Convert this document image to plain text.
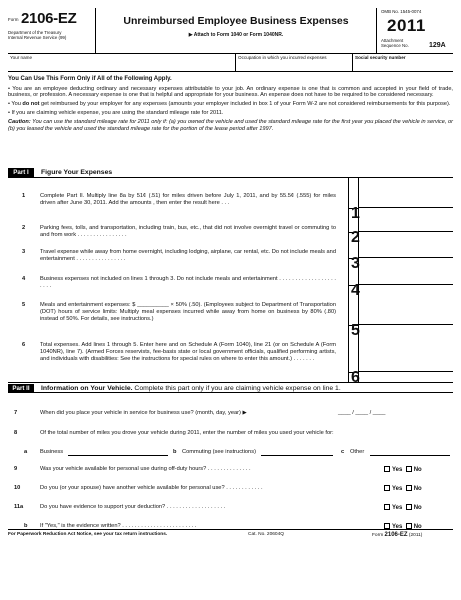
Form 2106-EZ
Department of the Treasury
Internal Revenue Service (99)
Unreimbursed Employee Business Expenses
▶ Attach to Form 1040 or Form 1040NR.
OMB No. 1545-0074
2011
Attachment
Sequence No.	129A
Your name	Occupation in which you incurred expenses	Social security number
You Can Use This Form Only if All of the Following Apply.

• You are an employee deducting ordinary and necessary expenses attributable to your job. An ordinary expense is one that is common and accepted in your field of trade, business, or profession. A necessary expense is one that is helpful and appropriate for your business. An expense does not have to be required to be considered necessary.

• You do not get reimbursed by your employer for any expenses (amounts your employer included in box 1 of your Form W-2 are not considered reimbursements for this purpose).

• If you are claiming vehicle expense, you are using the standard mileage rate for 2011.

Caution: You can use the standard mileage rate for 2011 only if: (a) you owned the vehicle and used the standard mileage rate for the first year you placed the vehicle in service, or (b) you leased the vehicle and used the standard mileage rate for the portion of the lease period after 1997.

Part I	Figure Your Expenses
1	Complete Part II. Multiply line 8a by 51¢ (.51) for miles driven before July 1, 2011, and by 55.5¢ (.555) for miles driven after June 30, 2011. Add the amounts , then enter the result here . . .
2	Parking fees, tolls, and transportation, including train, bus, etc., that did not involve overnight travel or commuting to and from work . . . . . . . . . . . . . . . .
3	Travel expense while away from home overnight, including lodging, airplane, car rental, etc. Do not include meals and entertainment . . . . . . . . . . . . . . . .
4	Business expenses not included on lines 1 through 3. Do not include meals and entertainment . . . . . . . . . . . . . . . . . . . . . .
5	Meals and entertainment expenses: $ __________ × 50% (.50). (Employees subject to Department of Transportation (DOT) hours of service limits: Multiply meal expenses incurred while away from home on business by 80% (.80) instead of 50%. For details, see instructions.)
6	Total expenses. Add lines 1 through 5. Enter here and on Schedule A (Form 1040), line 21 (or on Schedule A (Form 1040NR), line 7). (Armed Forces reservists, fee-basis state or local government officials, qualified performing artists, and individuals with disabilities: See the instructions for special rules on where to enter this amount.) . . . . . . .
1
2
3
4
5
6
Part II	Information on Your Vehicle. Complete this part only if you are claiming vehicle expense on line 1.
7	When did you place your vehicle in service for business use? (month, day, year) ▶	____ / ____ / ____
8	Of the total number of miles you drove your vehicle during 2011, enter the number of miles you used your vehicle for:
a Business	b Commuting (see instructions)	c Other
9	Was your vehicle available for personal use during off-duty hours? . . . . . . . . . . . . . .	Yes No
10	Do you (or your spouse) have another vehicle available for personal use? . . . . . . . . . . . .	Yes No
11a	Do you have evidence to support your deduction? . . . . . . . . . . . . . . . . . . .	Yes No
b If "Yes," is the evidence written? . . . . . . . . . . . . . . . . . . . . . . . .	Yes No
For Paperwork Reduction Act Notice, see your tax return instructions.	Cat. No. 20604Q	Form 2106-EZ (2011)
